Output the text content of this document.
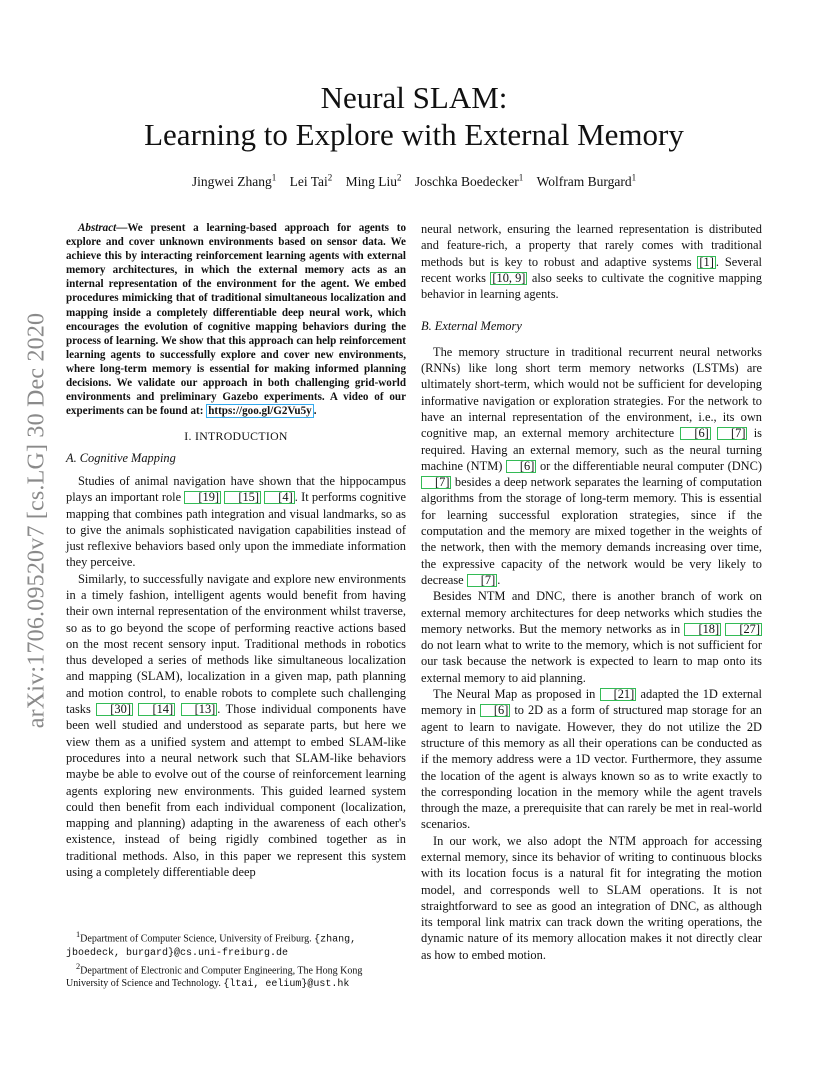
arXiv:1706.09520v7 [cs.LG] 30 Dec 2020
Neural SLAM:
Learning to Explore with External Memory
Jingwei Zhang$^1$ Lei Tai$^2$ Ming Liu$^2$ Joschka Boedecker$^1$ Wolfram Burgard$^1$

Abstract—We present a learning-based approach for agents to explore and cover unknown environments based on sensor data. We achieve this by interacting reinforcement learning agents with external memory architectures, in which the external memory acts as an internal representation of the environment for the agent. We embed procedures mimicking that of traditional simultaneous localization and mapping inside a completely differentiable deep neural work, which encourages the evolution of cognitive mapping behaviors during the process of learning. We show that this approach can help reinforcement learning agents to successfully explore and cover new environments, where long-term memory is essential for making informed planning decisions. We validate our approach in both challenging grid-world environments and preliminary Gazebo experiments. A video of our experiments can be found at: https://goo.gl/G2Vu5y .

I. INTRODUCTION
A. Cognitive Mapping

Studies of animal navigation have shown that the hippocampus plays an important role [19] [15] [4] . It performs cognitive mapping that combines path integration and visual landmarks, so as to give the animals sophisticated navigation capabilities instead of just reflexive behaviors based only upon the immediate information they perceive.

Similarly, to successfully navigate and explore new environments in a timely fashion, intelligent agents would benefit from having their own internal representation of the environment whilst traverse, so as to go beyond the scope of performing reactive actions based on the most recent sensory input. Traditional methods in robotics thus developed a series of methods like simultaneous localization and mapping (SLAM), localization in a given map, path planning and motion control, to enable robots to complete such challenging tasks [30] [14] [13] . Those individual components have been well studied and understood as separate parts, but here we view them as a unified system and attempt to embed SLAM-like procedures into a neural network such that SLAM-like behaviors maybe be able to evolve out of the course of reinforcement learning agents exploring new environments. This guided learned system could then benefit from each individual component (localization, mapping and planning) adapting in the awareness of each other's existence, instead of being rigidly combined together as in traditional methods. Also, in this paper we represent this system using a completely differentiable deep

$^1$Department of Computer Science, University of Freiburg. {zhang, jboedeck, burgard}@cs.uni-freiburg.de

$^2$Department of Electronic and Computer Engineering, The Hong Kong University of Science and Technology. {ltai, eelium}@ust.hk

neural network, ensuring the learned representation is distributed and feature-rich, a property that rarely comes with traditional methods but is key to robust and adaptive systems [1] . Several recent works [10, 9] also seeks to cultivate the cognitive mapping behavior in learning agents.

B. External Memory

The memory structure in traditional recurrent neural networks (RNNs) like long short term memory networks (LSTMs) are ultimately short-term, which would not be sufficient for developing informative navigation or exploration strategies. For the network to have an internal representation of the environment, i.e., its own cognitive map, an external memory architecture [6] [7] is required. Having an external memory, such as the neural turning machine (NTM) [6] or the differentiable neural computer (DNC) [7] besides a deep network separates the learning of computation algorithms from the storage of long-term memory. This is essential for learning successful exploration strategies, since if the computation and the memory are mixed together in the weights of the network, then with the memory demands increasing over time, the expressive capacity of the network would be very likely to decrease [7] .

Besides NTM and DNC, there is another branch of work on external memory architectures for deep networks which studies the memory networks. But the memory networks as in [18] [27] do not learn what to write to the memory, which is not sufficient for our task because the network is expected to learn to map onto its external memory to aid planning.

The Neural Map as proposed in [21] adapted the 1D external memory in [6] to 2D as a form of structured map storage for an agent to learn to navigate. However, they do not utilize the 2D structure of this memory as all their operations can be conducted as if the memory address were a 1D vector. Furthermore, they assume the location of the agent is always known so as to write exactly to the corresponding location in the memory while the agent travels through the maze, a prerequisite that can rarely be met in real-world scenarios.

In our work, we also adopt the NTM approach for accessing external memory, since its behavior of writing to continuous blocks with its location focus is a natural fit for integrating the motion model, and corresponds well to SLAM operations. It is not straightforward to see as good an integration of DNC, as although its temporal link matrix can track down the writing operations, the dynamic nature of its memory allocation makes it not directly clear as how to embed motion.
